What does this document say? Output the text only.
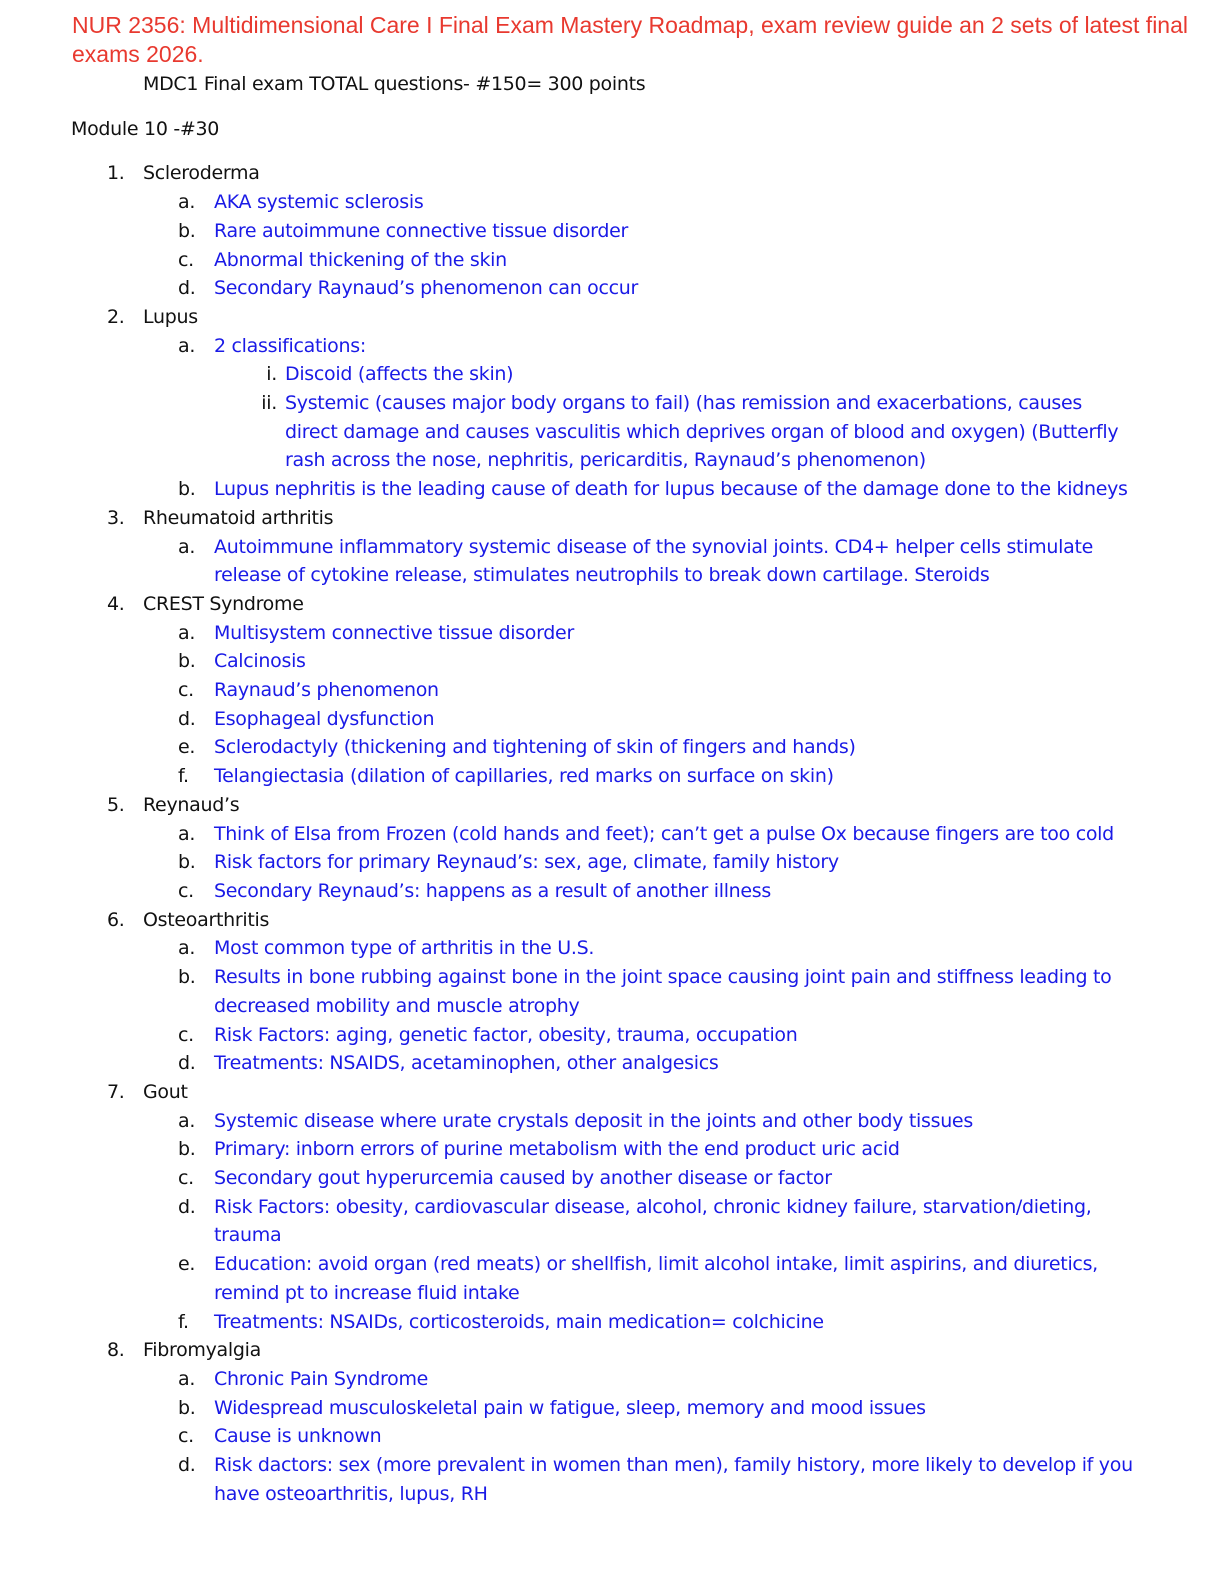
NUR 2356: Multidimensional Care I Final Exam Mastery Roadmap, exam review guide an 2 sets of latest final exams 2026.
MDC1 Final exam TOTAL questions- #150= 300 points
Module 10 -#30
1. Scleroderma
a. AKA systemic sclerosis
b. Rare autoimmune connective tissue disorder
c. Abnormal thickening of the skin
d. Secondary Raynaud’s phenomenon can occur
2. Lupus
a. 2 classifications:
i. Discoid (affects the skin)
ii. Systemic (causes major body organs to fail) (has remission and exacerbations, causes direct damage and causes vasculitis which deprives organ of blood and oxygen) (Butterfly rash across the nose, nephritis, pericarditis, Raynaud’s phenomenon)
b. Lupus nephritis is the leading cause of death for lupus because of the damage done to the kidneys
3. Rheumatoid arthritis
a. Autoimmune inflammatory systemic disease of the synovial joints. CD4+ helper cells stimulate release of cytokine release, stimulates neutrophils to break down cartilage. Steroids
4. CREST Syndrome
a. Multisystem connective tissue disorder
b. Calcinosis
c. Raynaud’s phenomenon
d. Esophageal dysfunction
e. Sclerodactyly (thickening and tightening of skin of fingers and hands)
f. Telangiectasia (dilation of capillaries, red marks on surface on skin)
5. Reynaud’s
a. Think of Elsa from Frozen (cold hands and feet); can’t get a pulse Ox because fingers are too cold
b. Risk factors for primary Reynaud’s: sex, age, climate, family history
c. Secondary Reynaud’s: happens as a result of another illness
6. Osteoarthritis
a. Most common type of arthritis in the U.S.
b. Results in bone rubbing against bone in the joint space causing joint pain and stiffness leading to decreased mobility and muscle atrophy
c. Risk Factors: aging, genetic factor, obesity, trauma, occupation
d. Treatments: NSAIDS, acetaminophen, other analgesics
7. Gout
a. Systemic disease where urate crystals deposit in the joints and other body tissues
b. Primary: inborn errors of purine metabolism with the end product uric acid
c. Secondary gout hyperurcemia caused by another disease or factor
d. Risk Factors: obesity, cardiovascular disease, alcohol, chronic kidney failure, starvation/dieting, trauma
e. Education: avoid organ (red meats) or shellfish, limit alcohol intake, limit aspirins, and diuretics, remind pt to increase fluid intake
f. Treatments: NSAIDs, corticosteroids, main medication= colchicine
8. Fibromyalgia
a. Chronic Pain Syndrome
b. Widespread musculoskeletal pain w fatigue, sleep, memory and mood issues
c. Cause is unknown
d. Risk dactors: sex (more prevalent in women than men), family history, more likely to develop if you have osteoarthritis, lupus, RH
